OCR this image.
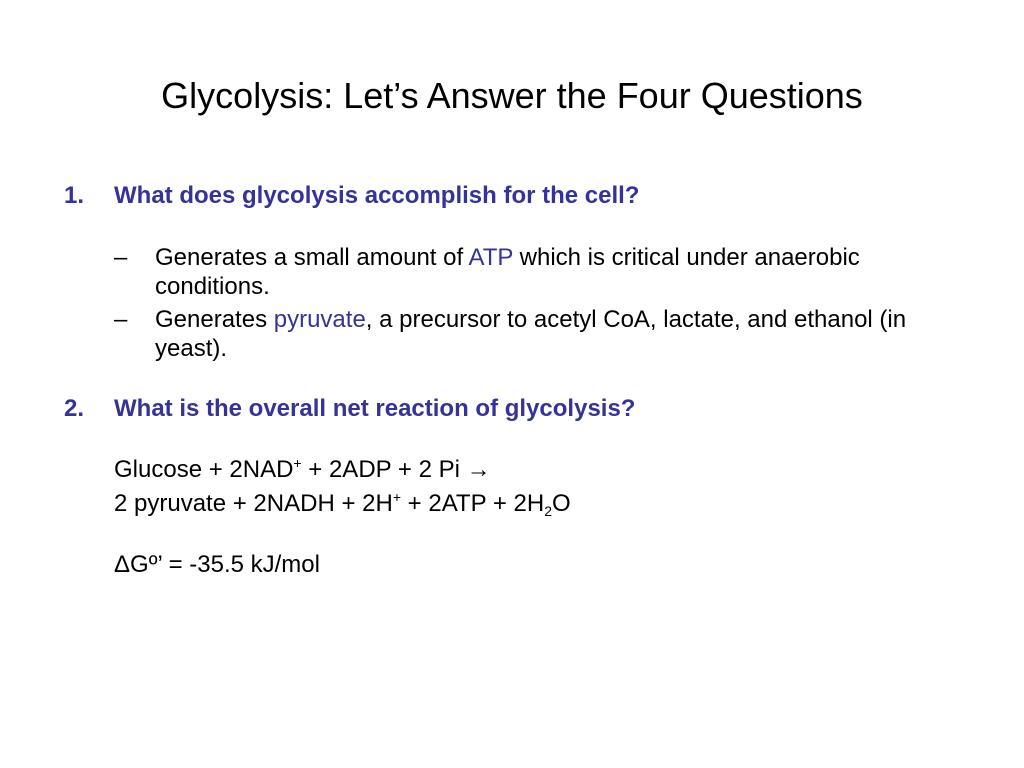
Glycolysis: Let’s Answer the Four Questions
1. What does glycolysis accomplish for the cell?
– Generates a small amount of ATP which is critical under anaerobic conditions.
– Generates pyruvate, a precursor to acetyl CoA, lactate, and ethanol (in yeast).
2. What is the overall net reaction of glycolysis?
Glucose + 2NAD+ + 2ADP + 2 Pi →
2 pyruvate + 2NADH + $2H^+ + 2ATP + 2H_2O$
ΔGº’ = -35.5 kJ/mol
